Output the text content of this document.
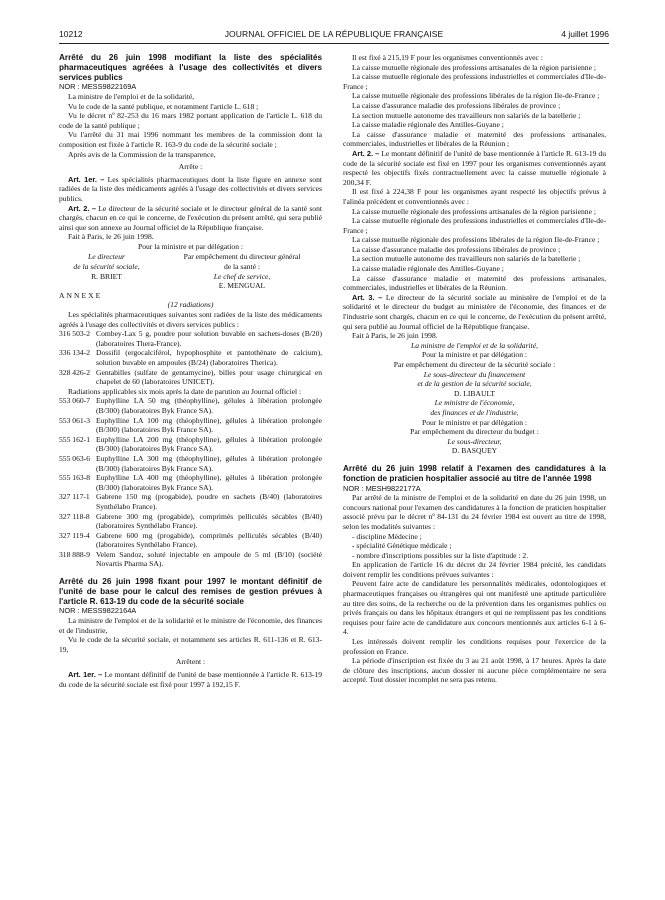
10212	JOURNAL OFFICIEL DE LA RÉPUBLIQUE FRANÇAISE	4 juillet 1996

Arrêté du 26 juin 1998 modifiant la liste des spécialités pharmaceutiques agréées à l'usage des collectivités et divers services publics

NOR : MESS9822169A

La ministre de l'emploi et de la solidarité,

Vu le code de la santé publique, et notamment l'article L. 618 ;

Vu le décret nº 82-253 du 16 mars 1982 portant application de l'article L. 618 du code de la santé publique ;

Vu l'arrêté du 31 mai 1996 nommant les membres de la commission dont la composition est fixée à l'article R. 163-9 du code de la sécurité sociale ;

Après avis de la Commission de la transparence,

Arrête :

Art. 1er. – Les spécialités pharmaceutiques dont la liste figure en annexe sont radiées de la liste des médicaments agréés à l'usage des collectivités et divers services publics.

Art. 2. – Le directeur de la sécurité sociale et le directeur général de la santé sont chargés, chacun en ce qui le concerne, de l'exécution du présent arrêté, qui sera publié ainsi que son annexe au Journal officiel de la République française.

Fait à Paris, le 26 juin 1998.

Pour la ministre et par délégation :

Le directeur

de la sécurité sociale,

R. BRIET

Par empêchement du directeur général

de la santé :

Le chef de service,

E. MENGUAL

ANNEXE

(12 radiations)

Les spécialités pharmaceutiques suivantes sont radiées de la liste des médicaments agréés à l'usage des collectivités et divers services publics :

316 503-2 Combey-Lax 5 g, poudre pour solution buvable en sachets-doses (B/20) (laboratoires Thera-France).
336 134-2 Dossifil (ergocalciférol, hypophosphite et pantothénate de calcium), solution buvable en ampoules (B/24) (laboratoires Therica).
328 426-2 Gentabilles (sulfate de gentamycine), billes pour usage chirurgical en chapelet de 60 (laboratoires UNICET).

Radiations applicables six mois après la date de parution au Journal officiel :

553 060-7 Euphylline LA 50 mg (théophylline), gélules à libération prolongée (B/300) (laboratoires Byk France SA).
553 061-3 Euphylline LA 100 mg (théophylline), gélules à libération prolongée (B/300) (laboratoires Byk France SA).
555 162-1 Euphylline LA 200 mg (théophylline), gélules à libération prolongée (B/300) (laboratoires Byk France SA).
555 063-6 Euphylline LA 300 mg (théophylline), gélules à libération prolongée (B/300) (laboratoires Byk France SA).
555 163-8 Euphylline LA 400 mg (théophylline), gélules à libération prolongée (B/300) (laboratoires Byk France SA).
327 117-1 Gabrene 150 mg (progabide), poudre en sachets (B/40) (laboratoires Synthélabo France).
327 118-8 Gabrene 300 mg (progabide), comprimés pelliculés sécables (B/40) (laboratoires Synthélabo France).
327 119-4 Gabrene 600 mg (progabide), comprimés pelliculés sécables (B/40) (laboratoires Synthélabo France).
318 888-9 Velem Sandoz, soluté injectable en ampoule de 5 ml (B/10) (société Novartis Pharma SA).

Arrêté du 26 juin 1998 fixant pour 1997 le montant définitif de l'unité de base pour le calcul des remises de gestion prévues à l'article R. 613-19 du code de la sécurité sociale

NOR : MESS9822164A

La ministre de l'emploi et de la solidarité et le ministre de l'économie, des finances et de l'industrie,

Vu le code de la sécurité sociale, et notamment ses articles R. 611-136 et R. 613-19,

Arrêtent :

Art. 1er. – Le montant définitif de l'unité de base mentionnée à l'article R. 613-19 du code de la sécurité sociale est fixé pour 1997 à 192,15 F.

Il est fixé à 215,19 F pour les organismes conventionnés avec :

La caisse mutuelle régionale des professions artisanales de la région parisienne ;

La caisse mutuelle régionale des professions industrielles et commerciales d'Ile-de-France ;

La caisse mutuelle régionale des professions libérales de la région Ile-de-France ;

La caisse d'assurance maladie des professions libérales de province ;

La section mutuelle autonome des travailleurs non salariés de la batellerie ;

La caisse maladie régionale des Antilles-Guyane ;

La caisse d'assurance maladie et maternité des professions artisanales, commerciales, industrielles et libérales de la Réunion ;

Art. 2. – Le montant définitif de l'unité de base mentionnée à l'article R. 613-19 du code de la sécurité sociale est fixé en 1997 pour les organismes conventionnés ayant respecté les objectifs fixés contractuellement avec la caisse mutuelle régionale à 200,34 F.

Il est fixé à 224,38 F pour les organismes ayant respecté les objectifs prévus à l'alinéa précédent et conventionnés avec :

La caisse mutuelle régionale des professions artisanales de la région parisienne ;

La caisse mutuelle régionale des professions industrielles et commerciales d'Ile-de-France ;

La caisse mutuelle régionale des professions libérales de la région Ile-de-France ;

La caisse d'assurance maladie des professions libérales de province ;

La section mutuelle autonome des travailleurs non salariés de la batellerie ;

La caisse maladie régionale des Antilles-Guyane ;

La caisse d'assurance maladie et maternité des professions artisanales, commerciales, industrielles et libérales de la Réunion.

Art. 3. – Le directeur de la sécurité sociale au ministère de l'emploi et de la solidarité et le directeur du budget au ministère de l'économie, des finances et de l'industrie sont chargés, chacun en ce qui le concerne, de l'exécution du présent arrêté, qui sera publié au Journal officiel de la République française.

Fait à Paris, le 26 juin 1998.

La ministre de l'emploi et de la solidarité,

Pour la ministre et par délégation :

Par empêchement du directeur de la sécurité sociale :

Le sous-directeur du financement

et de la gestion de la sécurité sociale,

D. LIBAULT

Le ministre de l'économie,

des finances et de l'industrie,

Pour le ministre et par délégation :

Par empêchement du directeur du budget :

Le sous-directeur,

D. BASQUEY

Arrêté du 26 juin 1998 relatif à l'examen des candidatures à la fonction de praticien hospitalier associé au titre de l'année 1998

NOR : MESH9822177A

Par arrêté de la ministre de l'emploi et de la solidarité en date du 26 juin 1998, un concours national pour l'examen des candidatures à la fonction de praticien hospitalier associé prévu par le décret nº 84-131 du 24 février 1984 est ouvert au titre de 1998, selon les modalités suivantes :

- discipline Médecine ;

- spécialité Génétique médicale ;

- nombre d'inscriptions possibles sur la liste d'aptitude : 2.

En application de l'article 16 du décret du 24 février 1984 précité, les candidats doivent remplir les conditions prévues suivantes :

Peuvent faire acte de candidature les personnalités médicales, odontologiques et pharmaceutiques françaises ou étrangères qui ont manifesté une aptitude particulière au titre des soins, de la recherche ou de la prévention dans les organismes publics ou privés français ou dans les hôpitaux étrangers et qui ne remplissent pas les conditions requises pour faire acte de candidature aux concours mentionnés aux articles 6-1 à 6-4.

Les intéressés doivent remplir les conditions requises pour l'exercice de la profession en France.

La période d'inscription est fixée du 3 au 21 août 1998, à 17 heures. Après la date de clôture des inscriptions, aucun dossier ni aucune pièce complémentaire ne sera accepté. Tout dossier incomplet ne sera pas retenu.
